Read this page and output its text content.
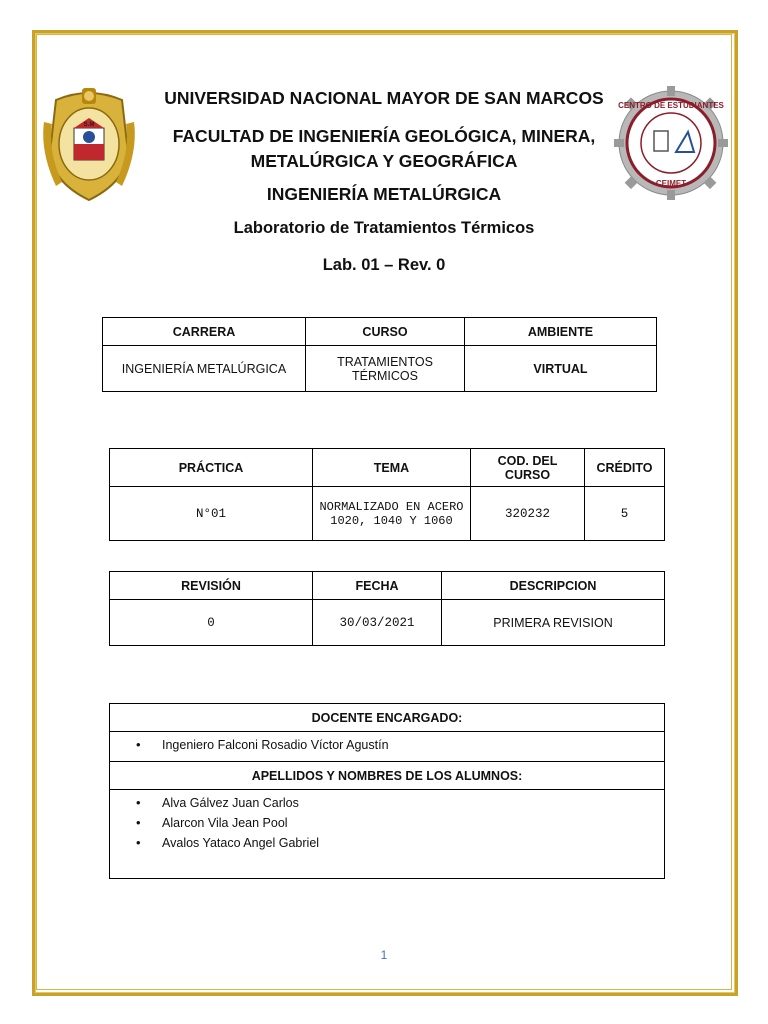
S.M
CENTRO DE ESTUDIANTES
CEIMET
UNIVERSIDAD NACIONAL MAYOR DE SAN MARCOS
FACULTAD DE INGENIERÍA GEOLÓGICA, MINERA,
METALÚRGICA Y GEOGRÁFICA
INGENIERÍA METALÚRGICA
Laboratorio de Tratamientos Térmicos
Lab. 01 – Rev. 0
CARRERA	CURSO	AMBIENTE
INGENIERÍA METALÚRGICA	TRATAMIENTOS TÉRMICOS	VIRTUAL
PRÁCTICA	TEMA	COD. DEL CURSO	CRÉDITO
N°01	NORMALIZADO EN ACERO 1020, 1040 Y 1060	320232	5
REVISIÓN	FECHA	DESCRIPCION
0	30/03/2021	PRIMERA REVISION
DOCENTE ENCARGADO:

• Ingeniero Falconi Rosadio Víctor Agustín

APELLIDOS Y NOMBRES DE LOS ALUMNOS:

• Alva Gálvez Juan Carlos
• Alarcon Vila Jean Pool
• Avalos Yataco Angel Gabriel
1
